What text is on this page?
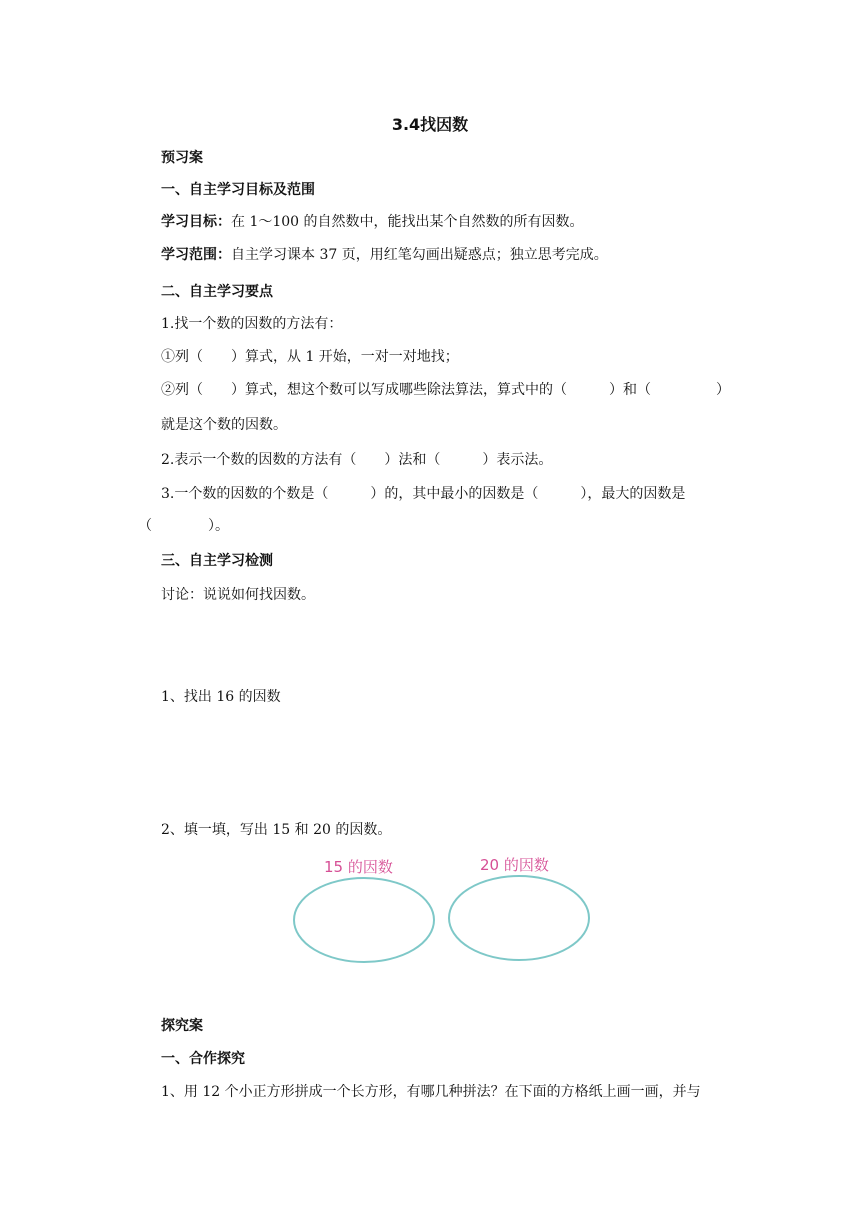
3.4找因数
预习案
一、自主学习目标及范围
学习目标：在 1～100 的自然数中，能找出某个自然数的所有因数。
学习范围：自主学习课本 37 页，用红笔勾画出疑惑点；独立思考完成。
二、自主学习要点
1.找一个数的因数的方法有：
①列（　　）算式，从 1 开始，一对一对地找；
②列（　　）算式，想这个数可以写成哪些除法算法，算式中的（　　　）和（	）
就是这个数的因数。
2.表示一个数的因数的方法有（　　）法和（　　　）表示法。
3.一个数的因数的个数是（　　　）的，其中最小的因数是（　　　），最大的因数是
（　　　　）。
三、自主学习检测
讨论：说说如何找因数。
1、找出 16 的因数
2、填一填，写出 15 和 20 的因数。
15 的因数	20 的因数
探究案
一、合作探究
1、用 12 个小正方形拼成一个长方形，有哪几种拼法？在下面的方格纸上画一画，并与
